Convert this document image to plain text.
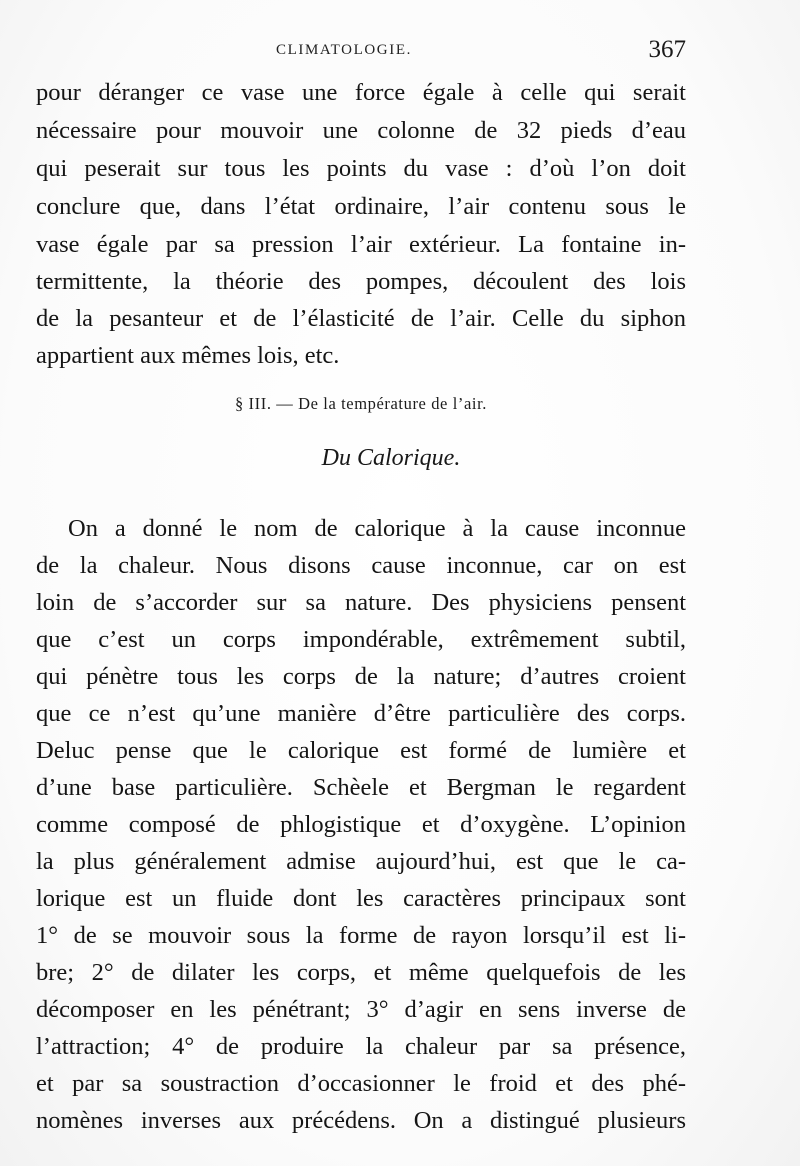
CLIMATOLOGIE.	367
pour déranger ce vase une force égale à celle qui serait
nécessaire pour mouvoir une colonne de 32 pieds d’eau
qui peserait sur tous les points du vase : d’où l’on doit
conclure que, dans l’état ordinaire, l’air contenu sous le
vase égale par sa pression l’air extérieur. La fontaine in-
termittente, la théorie des pompes, découlent des lois
de la pesanteur et de l’élasticité de l’air. Celle du siphon
appartient aux mêmes lois, etc.
§ III. — De la température de l’air.
Du Calorique.
On a donné le nom de calorique à la cause inconnue
de la chaleur. Nous disons cause inconnue, car on est
loin de s’accorder sur sa nature. Des physiciens pensent
que c’est un corps impondérable, extrêmement subtil,
qui pénètre tous les corps de la nature; d’autres croient
que ce n’est qu’une manière d’être particulière des corps.
Deluc pense que le calorique est formé de lumière et
d’une base particulière. Schèele et Bergman le regardent
comme composé de phlogistique et d’oxygène. L’opinion
la plus généralement admise aujourd’hui, est que le ca-
lorique est un fluide dont les caractères principaux sont
1° de se mouvoir sous la forme de rayon lorsqu’il est li-
bre; 2° de dilater les corps, et même quelquefois de les
décomposer en les pénétrant; 3° d’agir en sens inverse de
l’attraction; 4° de produire la chaleur par sa présence,
et par sa soustraction d’occasionner le froid et des phé-
nomènes inverses aux précédens. On a distingué plusieurs
